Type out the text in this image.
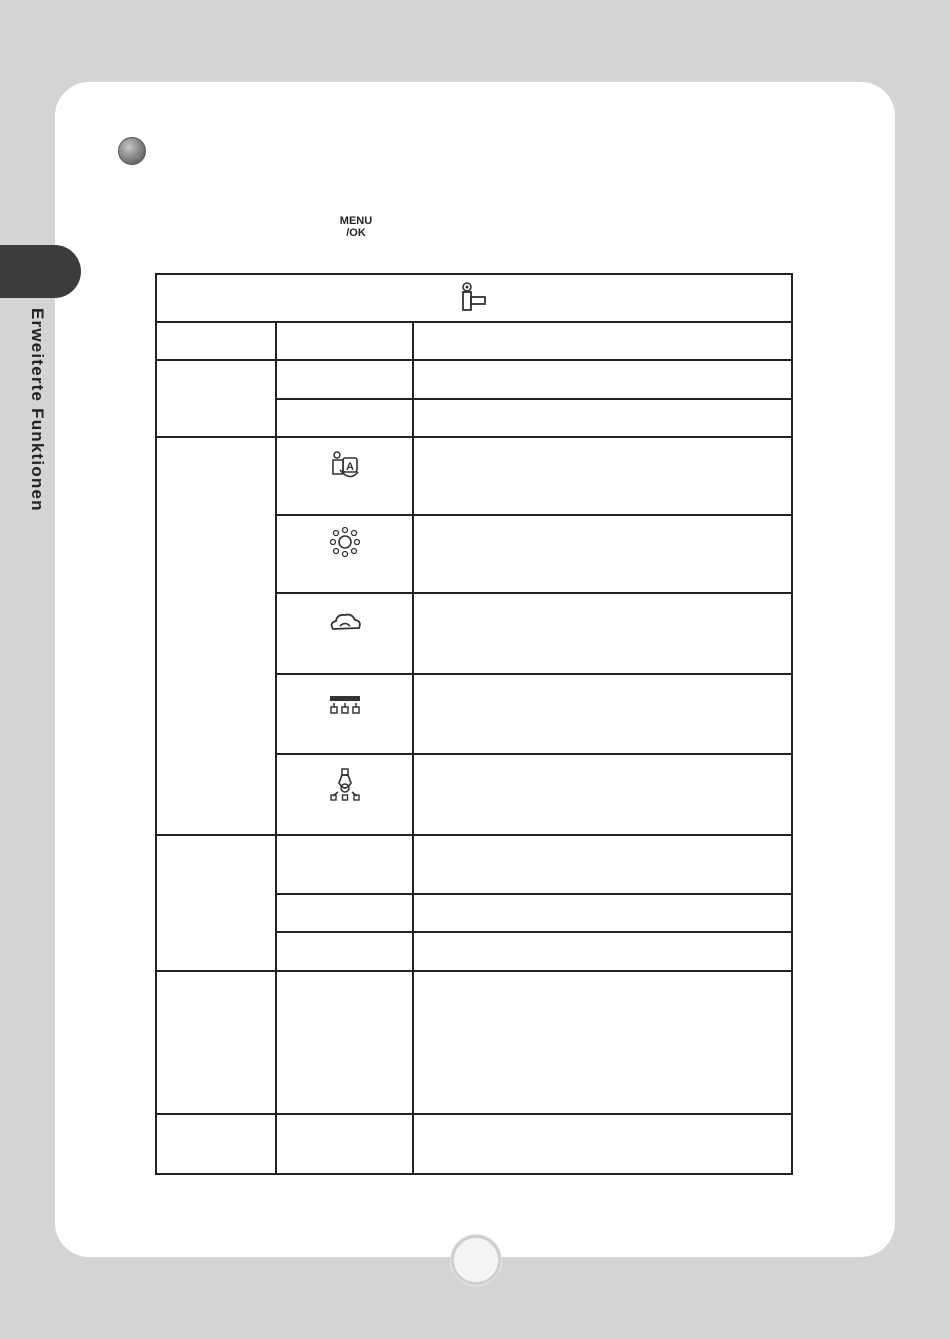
MENU
/OK
Erweiterte Funktionen

A	
